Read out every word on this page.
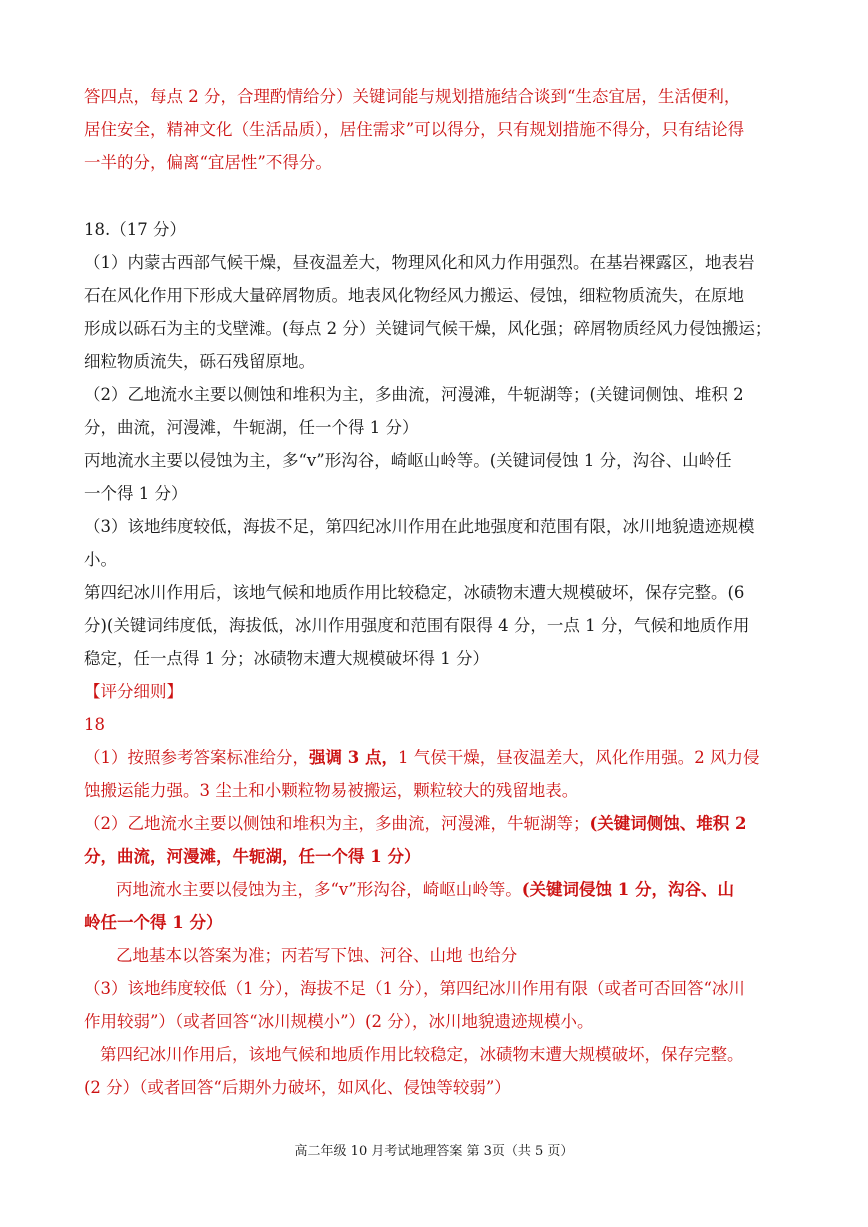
答四点，每点 2 分，合理酌情给分）关键词能与规划措施结合谈到“生态宜居，生活便利，

居住安全，精神文化（生活品质），居住需求”可以得分，只有规划措施不得分，只有结论得

一半的分，偏离“宜居性”不得分。

18.（17 分）

（1）内蒙古西部气候干燥，昼夜温差大，物理风化和风力作用强烈。在基岩裸露区，地表岩

石在风化作用下形成大量碎屑物质。地表风化物经风力搬运、侵蚀，细粒物质流失，在原地

形成以砾石为主的戈壁滩。(每点 2 分）关键词气候干燥，风化强；碎屑物质经风力侵蚀搬运；

细粒物质流失，砾石残留原地。

（2）乙地流水主要以侧蚀和堆积为主，多曲流，河漫滩，牛轭湖等；(关键词侧蚀、堆积 2

分，曲流，河漫滩，牛轭湖，任一个得 1 分）

丙地流水主要以侵蚀为主，多“v”形沟谷，崎岖山岭等。(关键词侵蚀 1 分，沟谷、山岭任

一个得 1 分）

（3）该地纬度较低，海拔不足，第四纪冰川作用在此地强度和范围有限，冰川地貌遗迹规模

小。

第四纪冰川作用后，该地气候和地质作用比较稳定，冰碛物末遭大规模破坏，保存完整。(6

分)(关键词纬度低，海拔低，冰川作用强度和范围有限得 4 分，一点 1 分，气候和地质作用

稳定，任一点得 1 分；冰碛物末遭大规模破坏得 1 分）

【评分细则】

18

（1）按照参考答案标准给分，强调 3 点，1 气侯干燥，昼夜温差大，风化作用强。2 风力侵

蚀搬运能力强。3 尘土和小颗粒物易被搬运，颗粒较大的残留地表。

（2）乙地流水主要以侧蚀和堆积为主，多曲流，河漫滩，牛轭湖等；(关键词侧蚀、堆积 2

分，曲流，河漫滩，牛轭湖，任一个得 1 分）

丙地流水主要以侵蚀为主，多“v”形沟谷，崎岖山岭等。(关键词侵蚀 1 分，沟谷、山

岭任一个得 1 分）

乙地基本以答案为准；丙若写下蚀、河谷、山地 也给分

（3）该地纬度较低（1 分），海拔不足（1 分），第四纪冰川作用有限（或者可否回答“冰川

作用较弱”）（或者回答“冰川规模小”）(2 分），冰川地貌遗迹规模小。

第四纪冰川作用后，该地气候和地质作用比较稳定，冰碛物末遭大规模破坏，保存完整。

(2 分）（或者回答“后期外力破坏，如风化、侵蚀等较弱”）

高二年级 10 月考试地理答案 第 3页（共 5 页）
